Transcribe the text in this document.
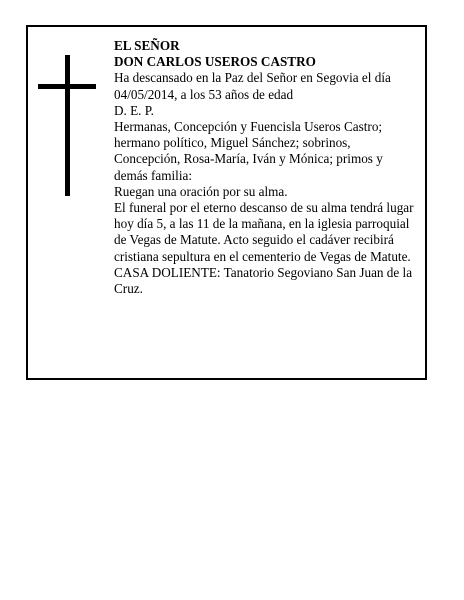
EL SEÑOR

DON CARLOS USEROS CASTRO

Ha descansado en la Paz del Señor en Segovia el día 04/05/2014, a los 53 años de edad

D. E. P.

Hermanas, Concepción y Fuencisla Useros Castro; hermano político, Miguel Sánchez; sobrinos, Concepción, Rosa-María, Iván y Mónica; primos y demás familia:

Ruegan una oración por su alma.

El funeral por el eterno descanso de su alma tendrá lugar hoy día 5, a las 11 de la mañana, en la iglesia parroquial de Vegas de Matute. Acto seguido el cadáver recibirá cristiana sepultura en el cementerio de Vegas de Matute.

CASA DOLIENTE: Tanatorio Segoviano San Juan de la Cruz.
